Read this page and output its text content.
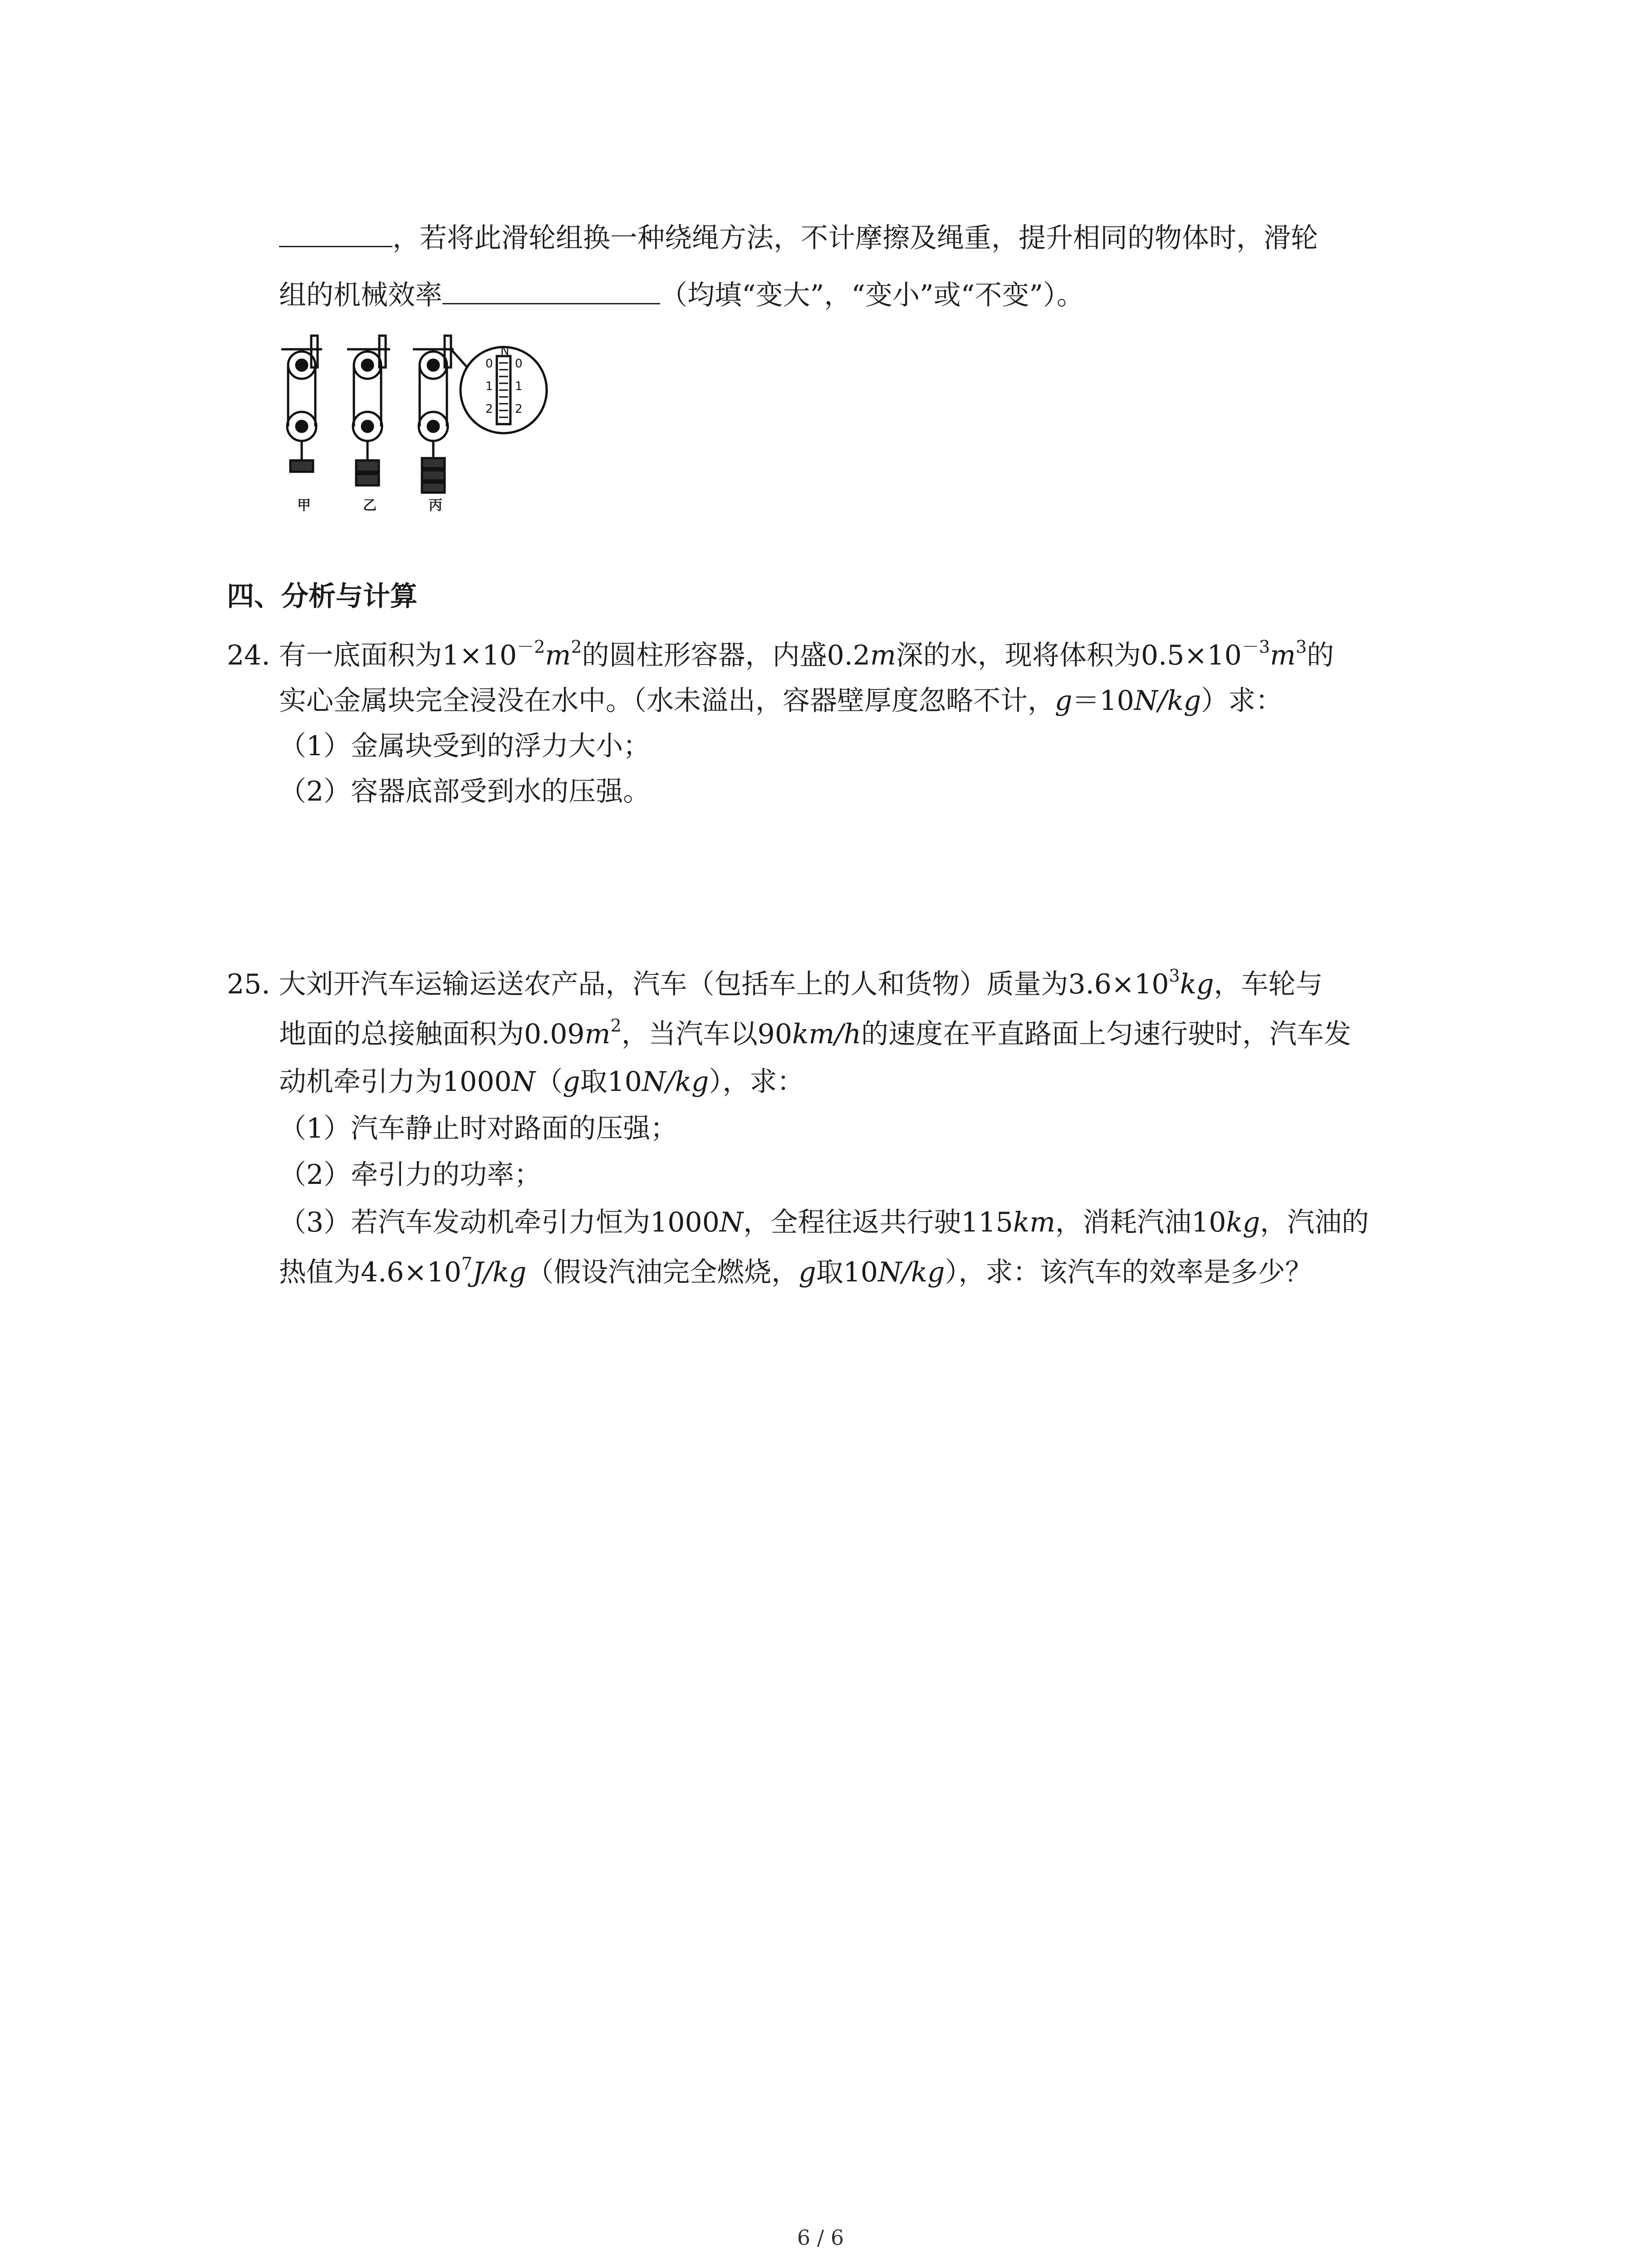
，若将此滑轮组换一种绕绳方法，不计摩擦及绳重，提升相同的物体时，滑轮
组的机械效率	（均填“变大”，“变小”或“不变”）。
N
0
1
2
0
1
2
甲	乙	丙
四、分析与计算
24. 有一底面积为$1\times 10^{-2}m^2$的圆柱形容器，内盛0.2m深的水，现将体积为$0.5\times 10^{-3}m^3$的
实心金属块完全浸没在水中。（水未溢出，容器壁厚度忽略不计，g＝10N/kg）求：
（1）金属块受到的浮力大小；
（2）容器底部受到水的压强。
25. 大刘开汽车运输运送农产品，汽车（包括车上的人和货物）质量为$3.6\times 10^3kg$，车轮与
地面的总接触面积为$0.09m^2$，当汽车以90km/h的速度在平直路面上匀速行驶时，汽车发
动机牵引力为1000N（g取10N/kg），求：
（1）汽车静止时对路面的压强；
（2）牵引力的功率；
（3）若汽车发动机牵引力恒为1000N，全程往返共行驶115km，消耗汽油10kg，汽油的
热值为$4.6\times 10^7J/kg$（假设汽油完全燃烧，g取10N/kg），求：该汽车的效率是多少？
6 / 6
